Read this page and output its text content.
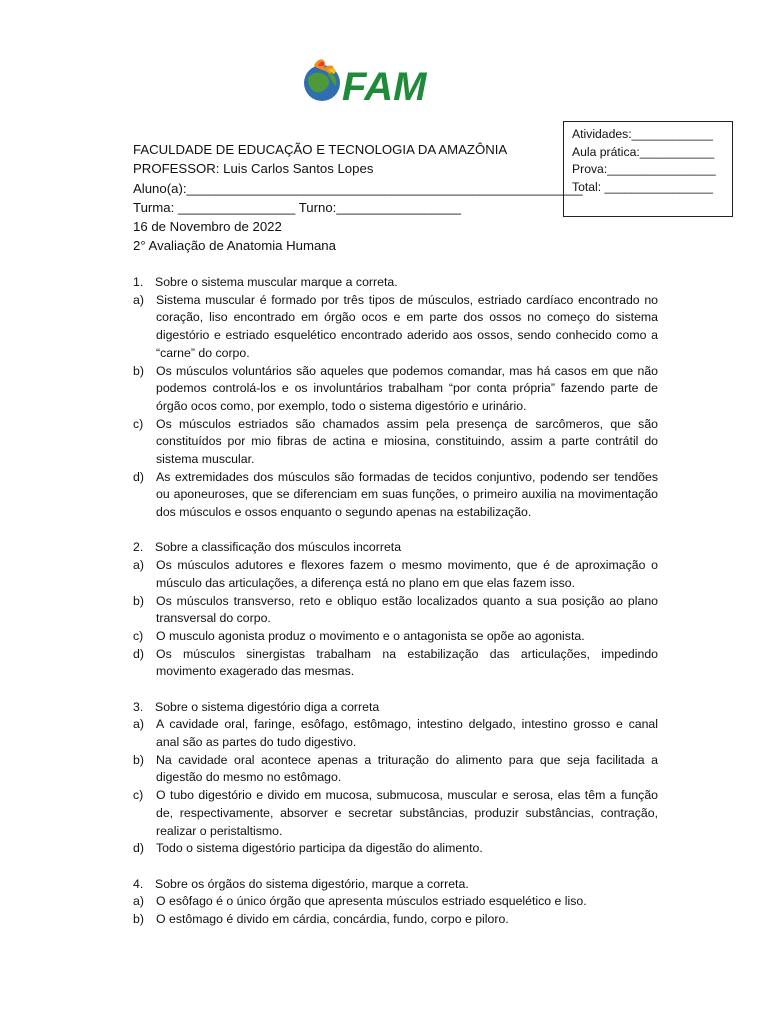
FAM
Atividades:____________
Aula prática:___________
Prova:________________
Total: ________________
FACULDADE DE EDUCAÇÃO E TECNOLOGIA DA AMAZÔNIA
PROFESSOR: Luis Carlos Santos Lopes
Aluno(a):______________________________________________________
Turma: ________________ Turno:_________________
16 de Novembro de 2022
2° Avaliação de Anatomia Humana
1. Sobre o sistema muscular marque a correta.
a) Sistema muscular é formado por três tipos de músculos, estriado cardíaco encontrado no coração, liso encontrado em órgão ocos e em parte dos ossos no começo do sistema digestório e estriado esquelético encontrado aderido aos ossos, sendo conhecido como a “carne” do corpo.
b) Os músculos voluntários são aqueles que podemos comandar, mas há casos em que não podemos controlá-los e os involuntários trabalham “por conta própria” fazendo parte de órgão ocos como, por exemplo, todo o sistema digestório e urinário.
c)	Os músculos estriados são chamados assim pela presença de sarcômeros, que são constituídos por mio fibras de actina e miosina, constituindo, assim a parte contrátil do sistema muscular.
d) As extremidades dos músculos são formadas de tecidos conjuntivo, podendo ser tendões ou aponeuroses, que se diferenciam em suas funções, o primeiro auxilia na movimentação dos músculos e ossos enquanto o segundo apenas na estabilização.
2. Sobre a classificação dos músculos incorreta
a) Os músculos adutores e flexores fazem o mesmo movimento, que é de aproximação o músculo das articulações, a diferença está no plano em que elas fazem isso.
b) Os músculos transverso, reto e obliquo estão localizados quanto a sua posição ao plano transversal do corpo.
c)	O musculo agonista produz o movimento e o antagonista se opõe ao agonista.
d) Os músculos sinergistas trabalham na estabilização das articulações, impedindo movimento exagerado das mesmas.
3. Sobre o sistema digestório diga a correta
a) A cavidade oral, faringe, esôfago, estômago, intestino delgado, intestino grosso e canal anal são as partes do tudo digestivo.
b) Na cavidade oral acontece apenas a trituração do alimento para que seja facilitada a digestão do mesmo no estômago.
c)	O tubo digestório e divido em mucosa, submucosa, muscular e serosa, elas têm a função de, respectivamente, absorver e secretar substâncias, produzir substâncias, contração, realizar o peristaltismo.
d) Todo o sistema digestório participa da digestão do alimento.
4. Sobre os órgãos do sistema digestório, marque a correta.
a) O esôfago é o único órgão que apresenta músculos estriado esquelético e liso.
b) O estômago é divido em cárdia, concárdia, fundo, corpo e piloro.
